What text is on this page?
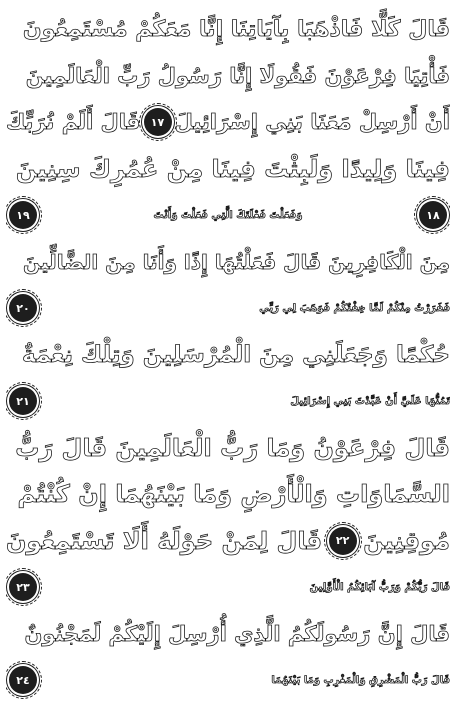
قَالَ كَلَّا فَاذْهَبَا بِآيَاتِنَا إِنَّا مَعَكُمْ مُسْتَمِعُونَ
فَأْتِيَا فِرْعَوْنَ فَقُولَا إِنَّا رَسُولُ رَبِّ الْعَالَمِينَ
أَنْ أَرْسِلْ مَعَنَا بَنِي إِسْرَائِيلَ
١٧
قَالَ أَلَمْ نُرَبِّكَ
فِينَا وَلِيدًا وَلَبِثْتَ فِينَا مِنْ عُمُرِكَ سِنِينَ
١٨
وَفَعَلْتَ فَعْلَتَكَ الَّتِي فَعَلْتَ وَأَنْتَ
١٩
مِنَ الْكَافِرِينَ قَالَ فَعَلْتُهَا إِذًا وَأَنَا مِنَ الضَّالِّينَ
فَفَرَرْتُ مِنْكُمْ لَمَّا خِفْتُكُمْ فَوَهَبَ لِي رَبِّي
٢٠
حُكْمًا وَجَعَلَنِي مِنَ الْمُرْسَلِينَ وَتِلْكَ نِعْمَةٌ
تَمُنُّهَا عَلَيَّ أَنْ عَبَّدْتَ بَنِي إِسْرَائِيلَ
٢١
قَالَ فِرْعَوْنُ وَمَا رَبُّ الْعَالَمِينَ قَالَ رَبُّ
السَّمَاوَاتِ وَالْأَرْضِ وَمَا بَيْنَهُمَا إِنْ كُنْتُمْ
مُوقِنِينَ
٢٢
قَالَ لِمَنْ حَوْلَهُ أَلَا تَسْتَمِعُونَ
قَالَ رَبُّكُمْ وَرَبُّ آبَائِكُمُ الْأَوَّلِينَ
٢٣
قَالَ إِنَّ رَسُولَكُمُ الَّذِي أُرْسِلَ إِلَيْكُمْ لَمَجْنُونٌ
قَالَ رَبُّ الْمَشْرِقِ وَالْمَغْرِبِ وَمَا بَيْنَهُمَا
٢٤
